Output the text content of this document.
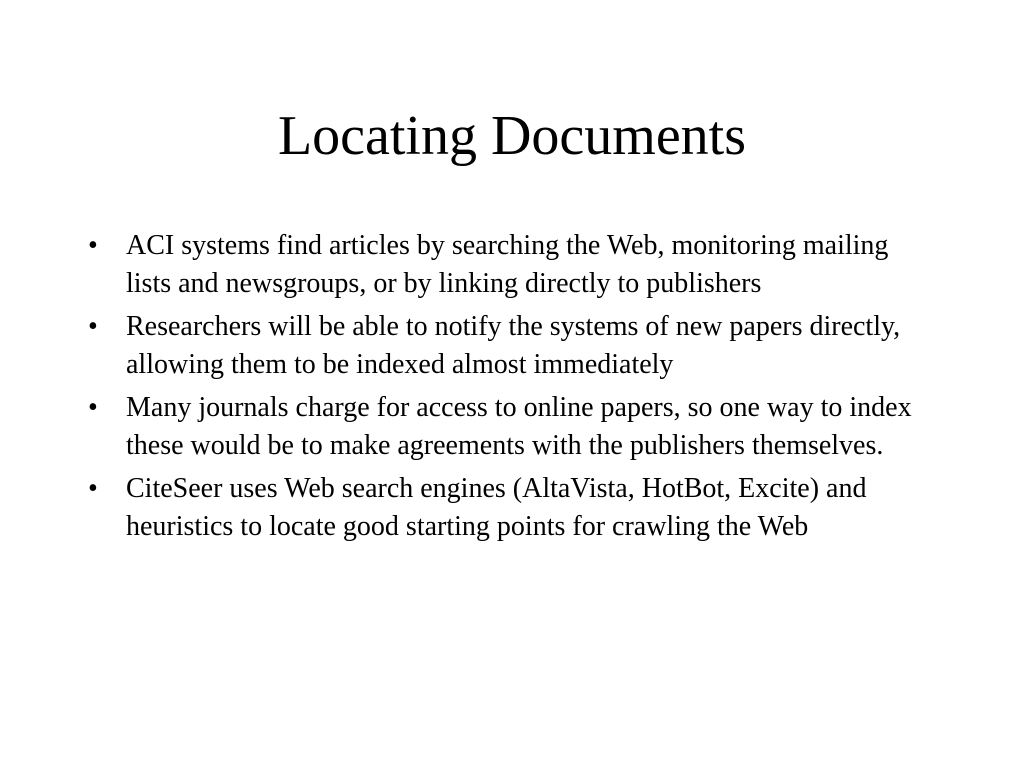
Locating Documents
•	ACI systems find articles by searching the Web, monitoring mailing lists and newsgroups, or by linking directly to publishers
•	Researchers will be able to notify the systems of new papers directly, allowing them to be indexed almost immediately
•	Many journals charge for access to online papers, so one way to index these would be to make agreements with the publishers themselves.
•	CiteSeer uses Web search engines (AltaVista, HotBot, Excite) and heuristics to locate good starting points for crawling the Web
